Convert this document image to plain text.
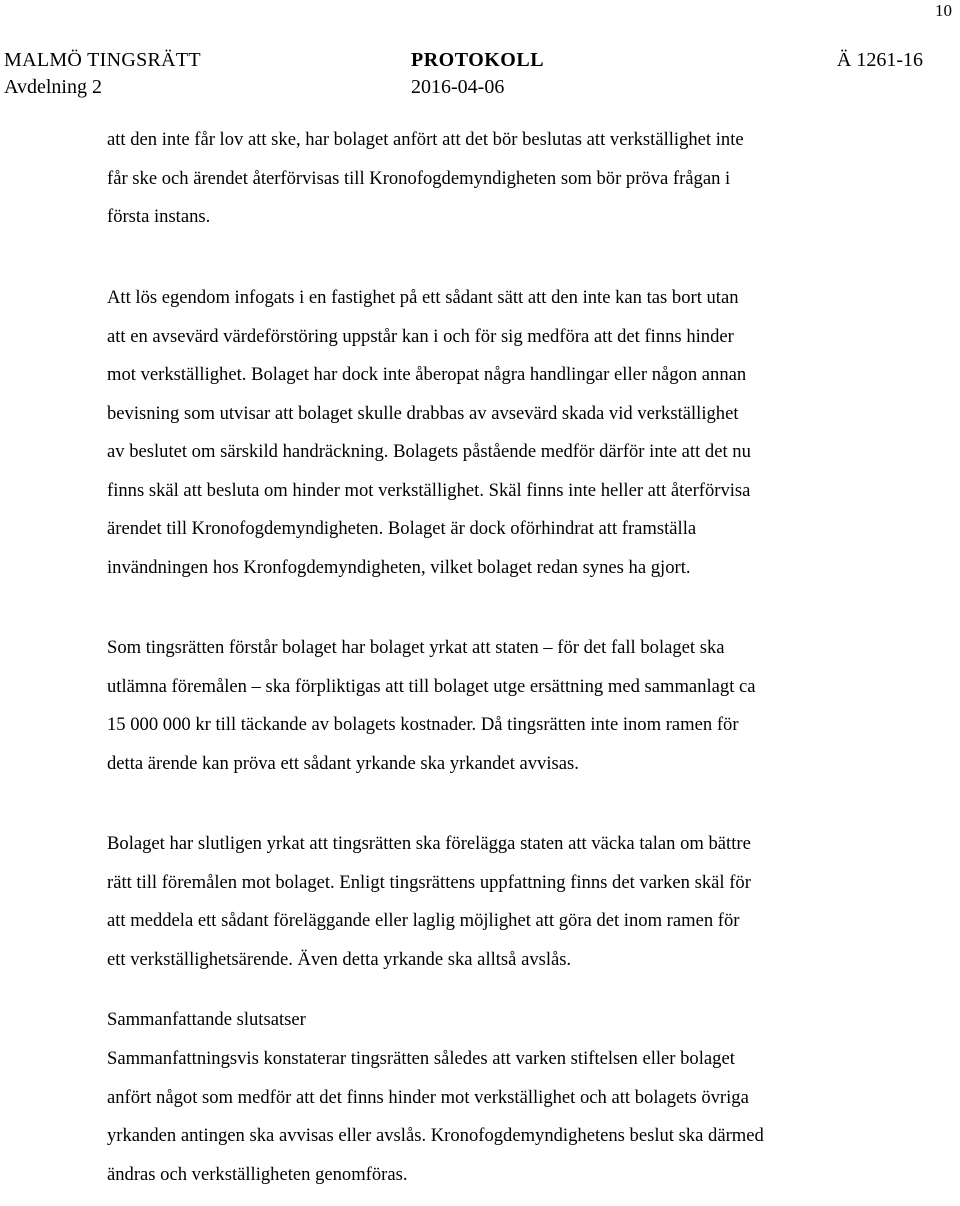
10
MALMÖ TINGSRÄTT	PROTOKOLL	Ä 1261-16
Avdelning 2	2016-04-06
att den inte får lov att ske, har bolaget anfört att det bör beslutas att verkställighet inte
får ske och ärendet återförvisas till Kronofogdemyndigheten som bör pröva frågan i
första instans.
Att lös egendom infogats i en fastighet på ett sådant sätt att den inte kan tas bort utan
att en avsevärd värdeförstöring uppstår kan i och för sig medföra att det finns hinder
mot verkställighet. Bolaget har dock inte åberopat några handlingar eller någon annan
bevisning som utvisar att bolaget skulle drabbas av avsevärd skada vid verkställighet
av beslutet om särskild handräckning. Bolagets påstående medför därför inte att det nu
finns skäl att besluta om hinder mot verkställighet. Skäl finns inte heller att återförvisa
ärendet till Kronofogdemyndigheten. Bolaget är dock oförhindrat att framställa
invändningen hos Kronfogdemyndigheten, vilket bolaget redan synes ha gjort.
Som tingsrätten förstår bolaget har bolaget yrkat att staten – för det fall bolaget ska
utlämna föremålen – ska förpliktigas att till bolaget utge ersättning med sammanlagt ca
15 000 000 kr till täckande av bolagets kostnader. Då tingsrätten inte inom ramen för
detta ärende kan pröva ett sådant yrkande ska yrkandet avvisas.
Bolaget har slutligen yrkat att tingsrätten ska förelägga staten att väcka talan om bättre
rätt till föremålen mot bolaget. Enligt tingsrättens uppfattning finns det varken skäl för
att meddela ett sådant föreläggande eller laglig möjlighet att göra det inom ramen för
ett verkställighetsärende. Även detta yrkande ska alltså avslås.
Sammanfattande slutsatser
Sammanfattningsvis konstaterar tingsrätten således att varken stiftelsen eller bolaget
anfört något som medför att det finns hinder mot verkställighet och att bolagets övriga
yrkanden antingen ska avvisas eller avslås. Kronofogdemyndighetens beslut ska därmed
ändras och verkställigheten genomföras.
